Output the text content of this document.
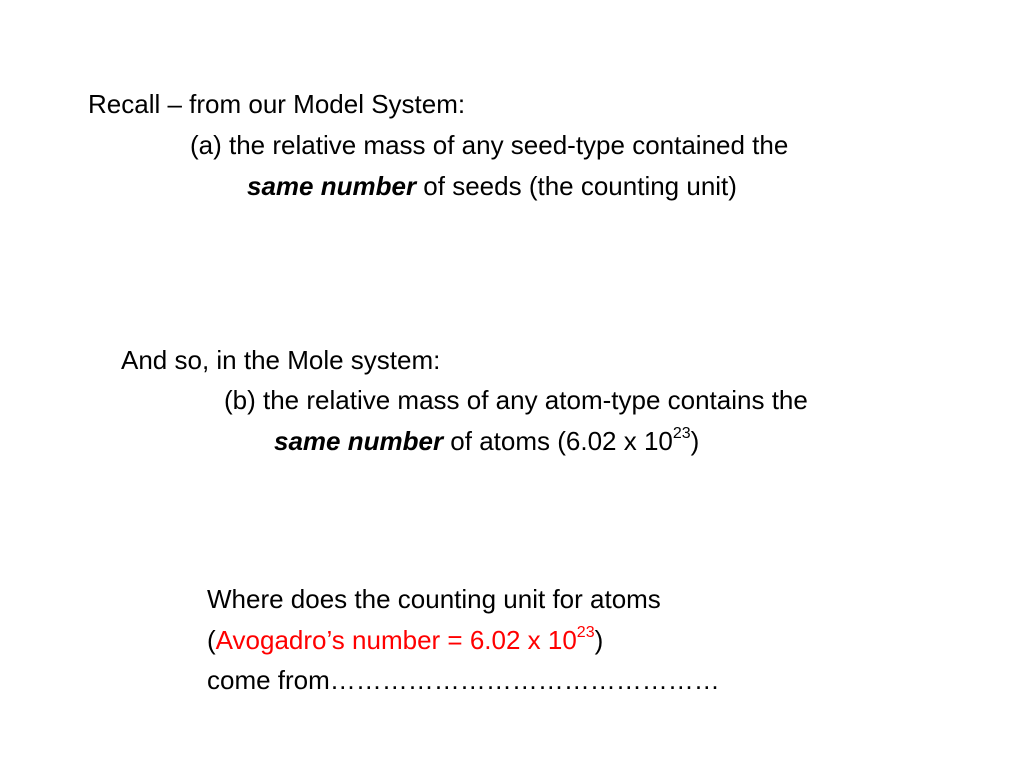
Recall – from our Model System:
(a) the relative mass of any seed-type contained the
same number of seeds (the counting unit)
And so, in the Mole system:
(b) the relative mass of any atom-type contains the
same number of atoms (6.02 x $10^{23}$)
Where does the counting unit for atoms
(Avogadro’s number = 6.02 x $10^{23}$)
come from………………………………………
